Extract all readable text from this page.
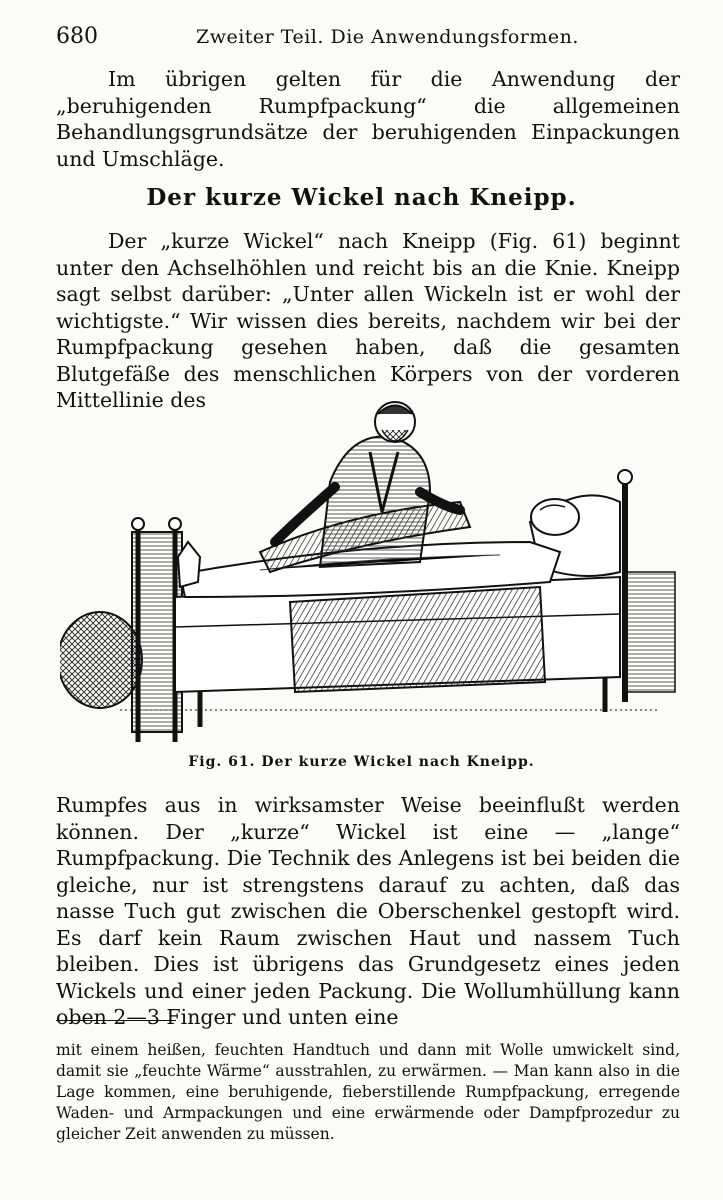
680	Zweiter Teil. Die Anwendungsformen.

Im übrigen gelten für die Anwendung der „beruhigenden Rumpfpackung“ die allgemeinen Behandlungsgrundsätze der beruhigenden Einpackungen und Umschläge.

Der kurze Wickel nach Kneipp.

Der „kurze Wickel“ nach Kneipp (Fig. 61) beginnt unter den Achselhöhlen und reicht bis an die Knie. Kneipp sagt selbst darüber: „Unter allen Wickeln ist er wohl der wichtigste.“ Wir wissen dies bereits, nachdem wir bei der Rumpfpackung gesehen haben, daß die gesamten Blutgefäße des menschlichen Körpers von der vorderen Mittellinie des

Fig. 61. Der kurze Wickel nach Kneipp.

Rumpfes aus in wirksamster Weise beeinflußt werden können. Der „kurze“ Wickel ist eine — „lange“ Rumpfpackung. Die Technik des Anlegens ist bei beiden die gleiche, nur ist strengstens darauf zu achten, daß das nasse Tuch gut zwischen die Oberschenkel gestopft wird. Es darf kein Raum zwischen Haut und nassem Tuch bleiben. Dies ist übrigens das Grundgesetz eines jeden Wickels und einer jeden Packung. Die Wollumhüllung kann oben 2—3 Finger und unten eine

mit einem heißen, feuchten Handtuch und dann mit Wolle umwickelt sind, damit sie „feuchte Wärme“ ausstrahlen, zu erwärmen. — Man kann also in die Lage kommen, eine beruhigende, fieberstillende Rumpfpackung, erregende Waden- und Armpackungen und eine erwärmende oder Dampfprozedur zu gleicher Zeit anwenden zu müssen.
